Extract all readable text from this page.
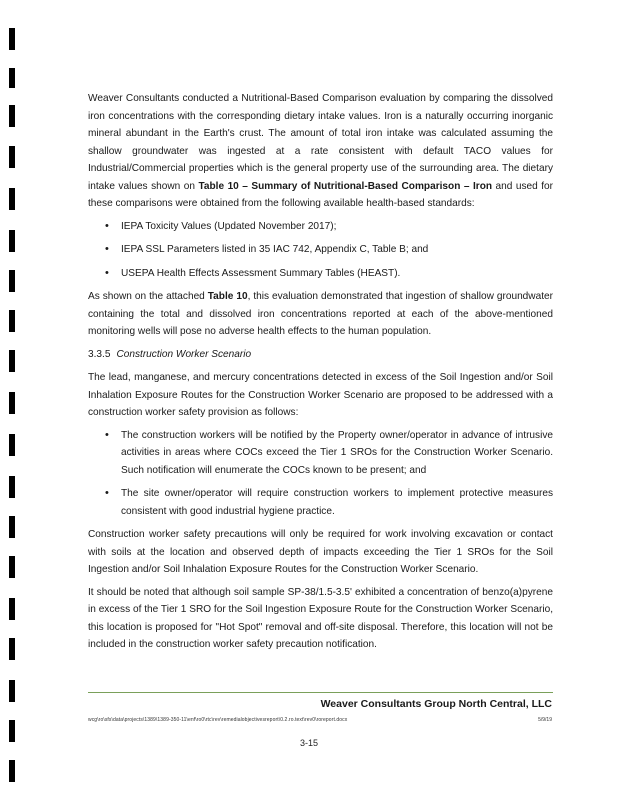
Weaver Consultants conducted a Nutritional-Based Comparison evaluation by comparing the dissolved iron concentrations with the corresponding dietary intake values. Iron is a naturally occurring inorganic mineral abundant in the Earth's crust. The amount of total iron intake was calculated assuming the shallow groundwater was ingested at a rate consistent with default TACO values for Industrial/Commercial properties which is the general property use of the surrounding area. The dietary intake values shown on Table 10 – Summary of Nutritional-Based Comparison – Iron and used for these comparisons were obtained from the following available health-based standards:

• IEPA Toxicity Values (Updated November 2017);
• IEPA SSL Parameters listed in 35 IAC 742, Appendix C, Table B; and
• USEPA Health Effects Assessment Summary Tables (HEAST).

As shown on the attached Table 10, this evaluation demonstrated that ingestion of shallow groundwater containing the total and dissolved iron concentrations reported at each of the above-mentioned monitoring wells will pose no adverse health effects to the human population.

3.3.5 Construction Worker Scenario

The lead, manganese, and mercury concentrations detected in excess of the Soil Ingestion and/or Soil Inhalation Exposure Routes for the Construction Worker Scenario are proposed to be addressed with a construction worker safety provision as follows:

• The construction workers will be notified by the Property owner/operator in advance of intrusive activities in areas where COCs exceed the Tier 1 SROs for the Construction Worker Scenario. Such notification will enumerate the COCs known to be present; and
• The site owner/operator will require construction workers to implement protective measures consistent with good industrial hygiene practice.

Construction worker safety precautions will only be required for work involving excavation or contact with soils at the location and observed depth of impacts exceeding the Tier 1 SROs for the Soil Ingestion and/or Soil Inhalation Exposure Routes for the Construction Worker Scenario.

It should be noted that although soil sample SP-38/1.5-3.5' exhibited a concentration of benzo(a)pyrene in excess of the Tier 1 SRO for the Soil Ingestion Exposure Route for the Construction Worker Scenario, this location is proposed for "Hot Spot" removal and off-site disposal. Therefore, this location will not be included in the construction worker safety precaution notification.

Weaver Consultants Group North Central, LLC
wcg\ro\sfs\data\projects\1389\1389-350-11\enf\ro0\rtc\rev\remedialobjectivesreport\0.2.ro.text\rev0\roreport.docx	5/9/19
3-15
